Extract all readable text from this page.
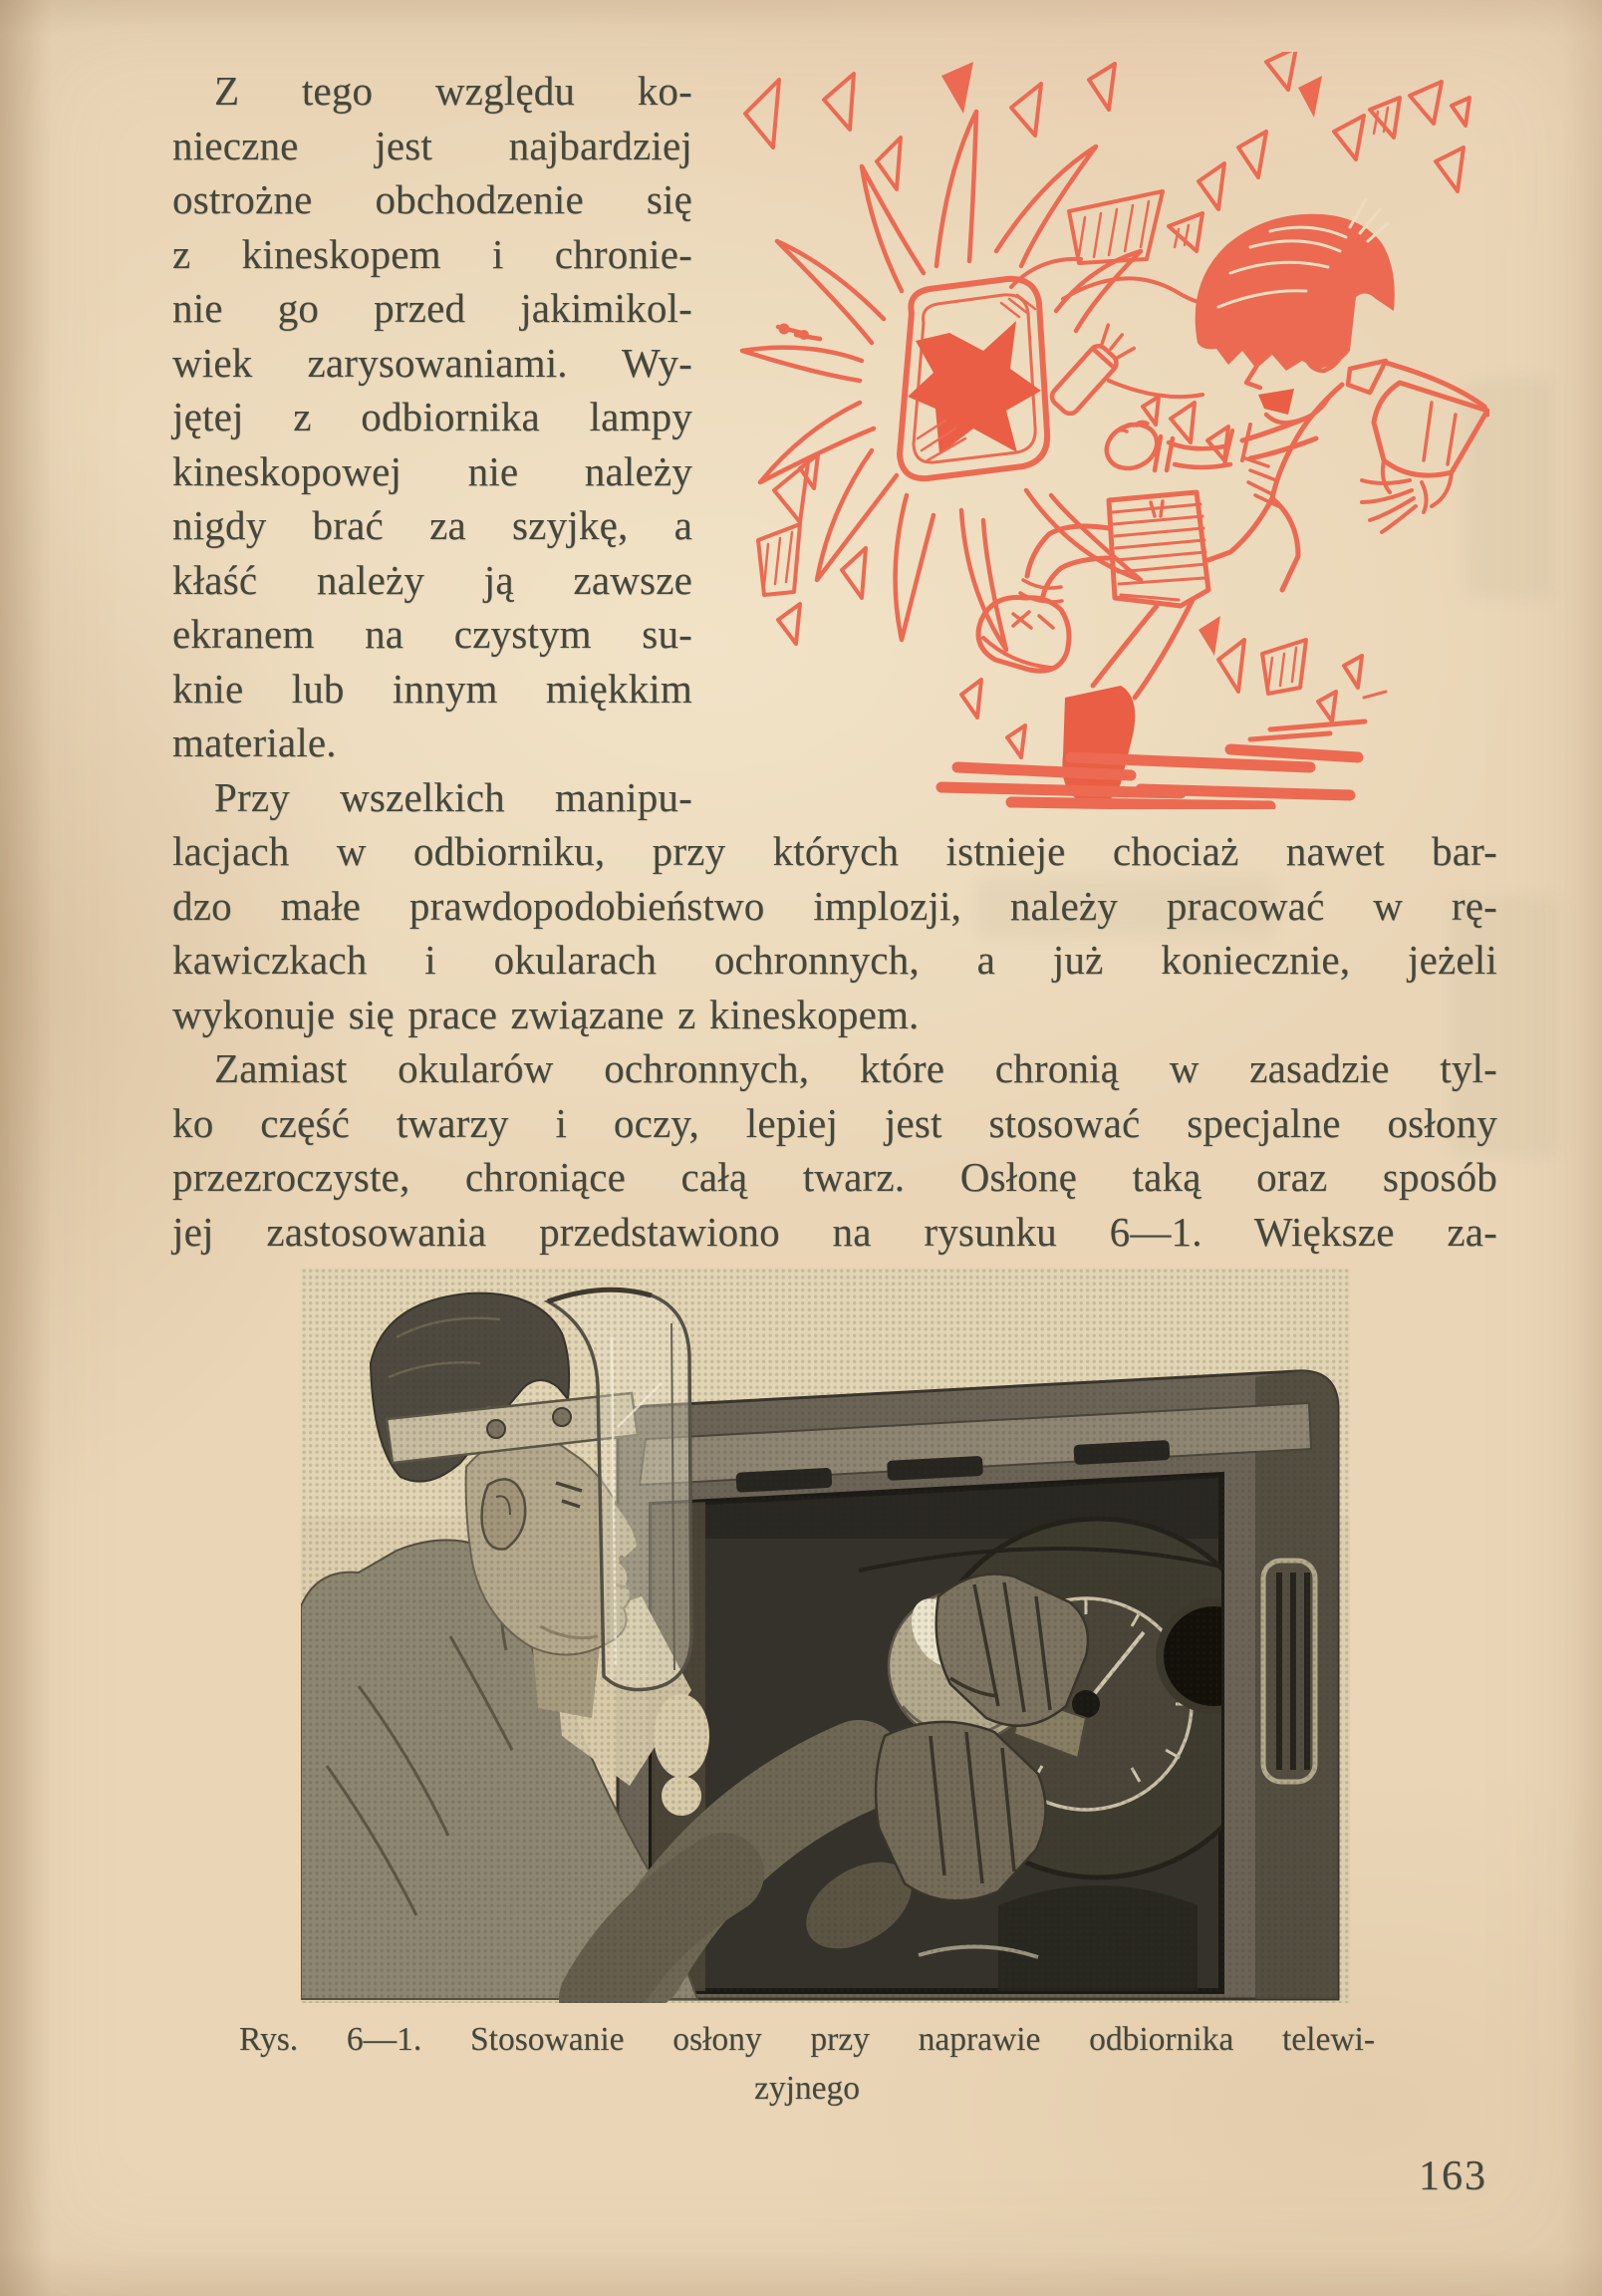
Z tego względu ko-
nieczne jest najbardziej
ostrożne obchodzenie się
z kineskopem i chronie-
nie go przed jakimikol-
wiek zarysowaniami. Wy-
jętej z odbiornika lampy
kineskopowej nie należy
nigdy brać za szyjkę, a
kłaść należy ją zawsze
ekranem na czystym su-
knie lub innym miękkim
materiale.
Przy wszelkich manipu-
lacjach w odbiorniku, przy których istnieje chociaż nawet bar-
dzo małe prawdopodobieństwo implozji, należy pracować w rę-
kawiczkach i okularach ochronnych, a już koniecznie, jeżeli
wykonuje się prace związane z kineskopem.
Zamiast okularów ochronnych, które chronią w zasadzie tyl-
ko część twarzy i oczy, lepiej jest stosować specjalne osłony
przezroczyste, chroniące całą twarz. Osłonę taką oraz sposób
jej zastosowania przedstawiono na rysunku 6—1. Większe za-
Rys. 6—1. Stosowanie osłony przy naprawie odbiornika telewi-
zyjnego
163
